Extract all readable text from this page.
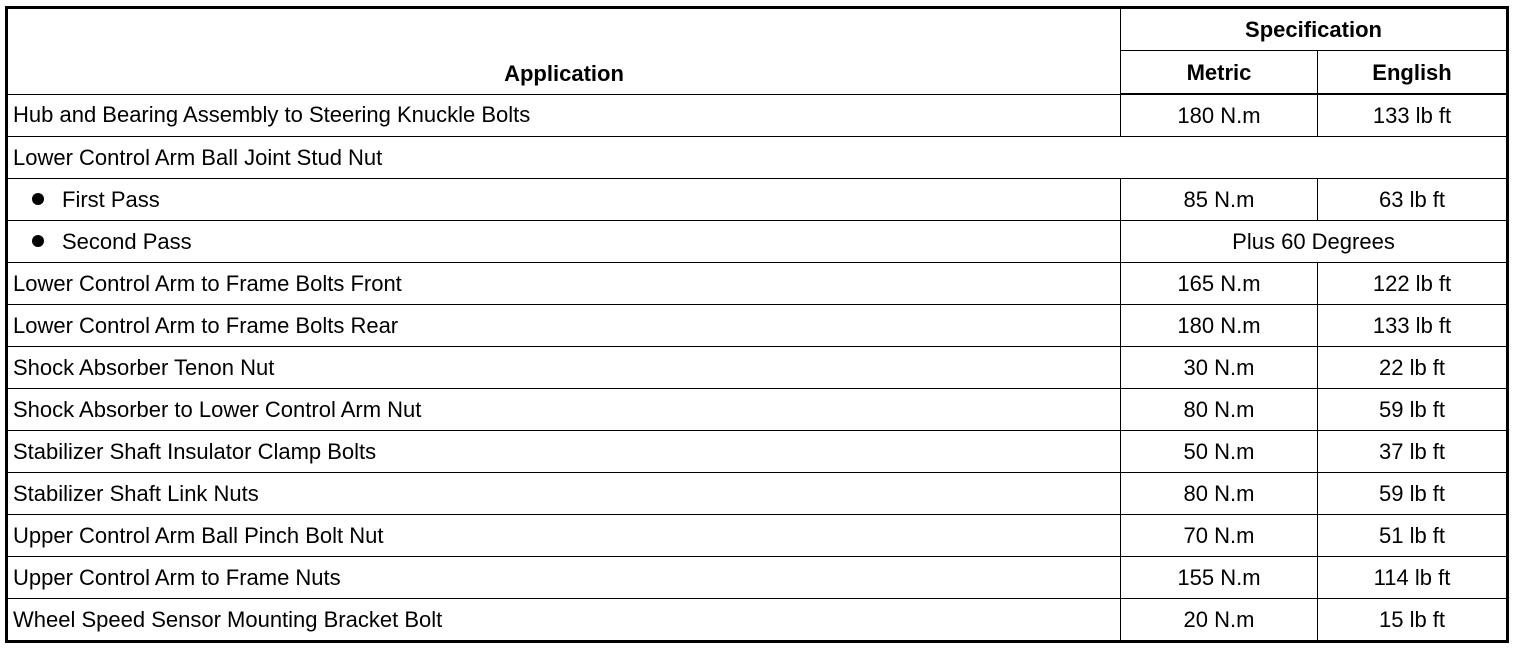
Application	Specification	
	Metric	English
Hub and Bearing Assembly to Steering Knuckle Bolts	180 N.m	133 lb ft
Lower Control Arm Ball Joint Stud Nut		
First Pass	85 N.m	63 lb ft
Second Pass	Plus 60 Degrees	
Lower Control Arm to Frame Bolts Front	165 N.m	122 lb ft
Lower Control Arm to Frame Bolts Rear	180 N.m	133 lb ft
Shock Absorber Tenon Nut	30 N.m	22 lb ft
Shock Absorber to Lower Control Arm Nut	80 N.m	59 lb ft
Stabilizer Shaft Insulator Clamp Bolts	50 N.m	37 lb ft
Stabilizer Shaft Link Nuts	80 N.m	59 lb ft
Upper Control Arm Ball Pinch Bolt Nut	70 N.m	51 lb ft
Upper Control Arm to Frame Nuts	155 N.m	114 lb ft
Wheel Speed Sensor Mounting Bracket Bolt	20 N.m	15 lb ft
